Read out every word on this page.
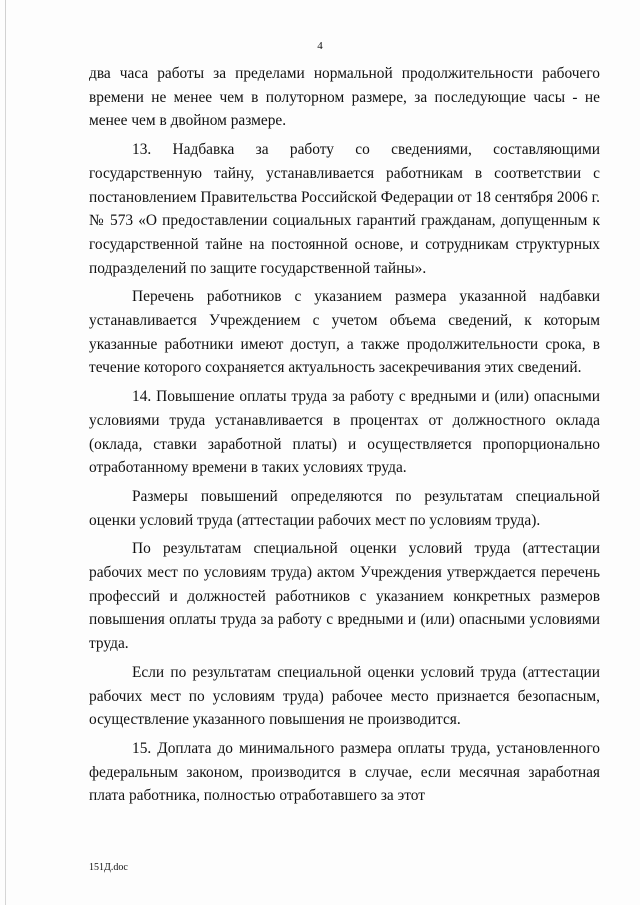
4

два часа работы за пределами нормальной продолжительности рабочего времени не менее чем в полуторном размере, за последующие часы - не менее чем в двойном размере.

13. Надбавка за работу со сведениями, составляющими государственную тайну, устанавливается работникам в соответствии с постановлением Правительства Российской Федерации от 18 сентября 2006 г. № 573 «О предоставлении социальных гарантий гражданам, допущенным к государственной тайне на постоянной основе, и сотрудникам структурных подразделений по защите государственной тайны».

Перечень работников с указанием размера указанной надбавки устанавливается Учреждением с учетом объема сведений, к которым указанные работники имеют доступ, а также продолжительности срока, в течение которого сохраняется актуальность засекречивания этих сведений.

14. Повышение оплаты труда за работу с вредными и (или) опасными условиями труда устанавливается в процентах от должностного оклада (оклада, ставки заработной платы) и осуществляется пропорционально отработанному времени в таких условиях труда.

Размеры повышений определяются по результатам специальной оценки условий труда (аттестации рабочих мест по условиям труда).

По результатам специальной оценки условий труда (аттестации рабочих мест по условиям труда) актом Учреждения утверждается перечень профессий и должностей работников с указанием конкретных размеров повышения оплаты труда за работу с вредными и (или) опасными условиями труда.

Если по результатам специальной оценки условий труда (аттестации рабочих мест по условиям труда) рабочее место признается безопасным, осуществление указанного повышения не производится.

15. Доплата до минимального размера оплаты труда, установленного федеральным законом, производится в случае, если месячная заработная плата работника, полностью отработавшего за этот

151Д.doc
